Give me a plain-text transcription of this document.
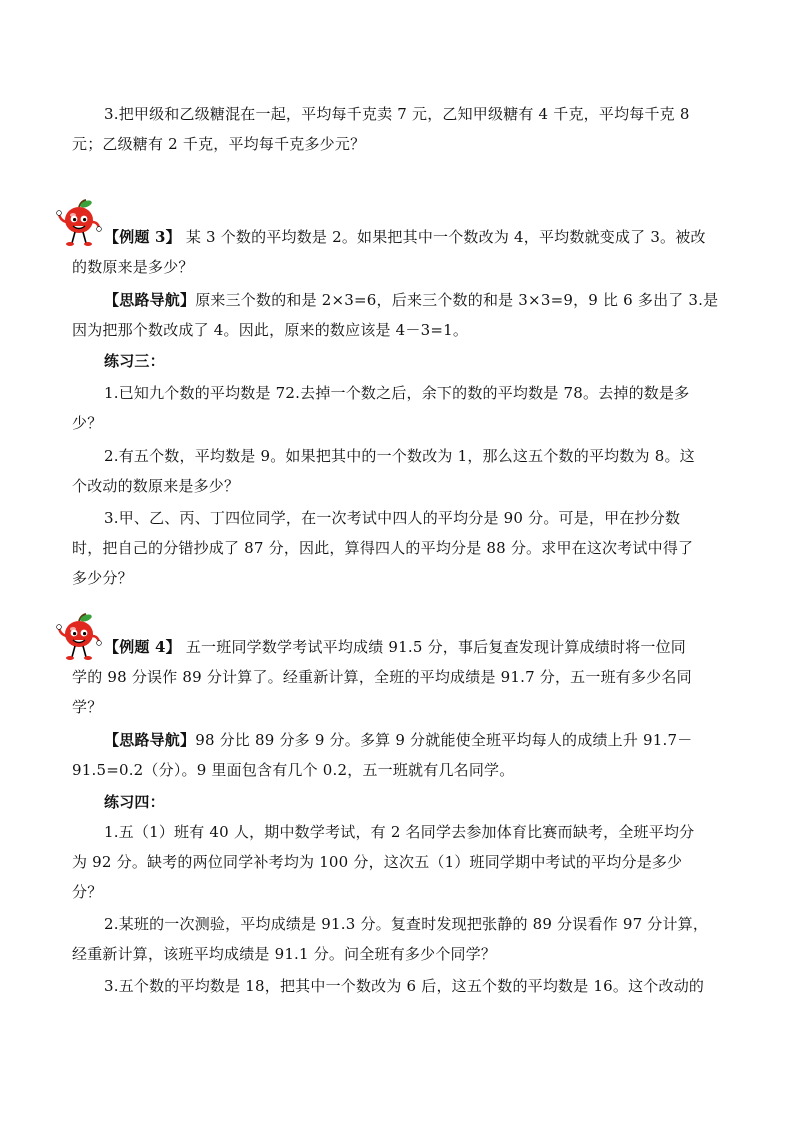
3.把甲级和乙级糖混在一起，平均每千克卖 7 元，乙知甲级糖有 4 千克，平均每千克 8
元；乙级糖有 2 千克，平均每千克多少元？
【例题 3】 某 3 个数的平均数是 2。如果把其中一个数改为 4，平均数就变成了 3。被改
的数原来是多少？
【思路导航】原来三个数的和是 2×3=6，后来三个数的和是 3×3=9，9 比 6 多出了 3.是
因为把那个数改成了 4。因此，原来的数应该是 4－3=1。
练习三：
1.已知九个数的平均数是 72.去掉一个数之后，余下的数的平均数是 78。去掉的数是多
少？
2.有五个数，平均数是 9。如果把其中的一个数改为 1，那么这五个数的平均数为 8。这
个改动的数原来是多少？
3.甲、乙、丙、丁四位同学，在一次考试中四人的平均分是 90 分。可是，甲在抄分数
时，把自己的分错抄成了 87 分，因此，算得四人的平均分是 88 分。求甲在这次考试中得了
多少分？
【例题 4】 五一班同学数学考试平均成绩 91.5 分，事后复查发现计算成绩时将一位同
学的 98 分误作 89 分计算了。经重新计算，全班的平均成绩是 91.7 分，五一班有多少名同
学？
【思路导航】98 分比 89 分多 9 分。多算 9 分就能使全班平均每人的成绩上升 91.7－
91.5=0.2（分）。9 里面包含有几个 0.2，五一班就有几名同学。
练习四：
1.五（1）班有 40 人，期中数学考试，有 2 名同学去参加体育比赛而缺考，全班平均分
为 92 分。缺考的两位同学补考均为 100 分，这次五（1）班同学期中考试的平均分是多少
分？
2.某班的一次测验，平均成绩是 91.3 分。复查时发现把张静的 89 分误看作 97 分计算，
经重新计算，该班平均成绩是 91.1 分。问全班有多少个同学？
3.五个数的平均数是 18，把其中一个数改为 6 后，这五个数的平均数是 16。这个改动的
